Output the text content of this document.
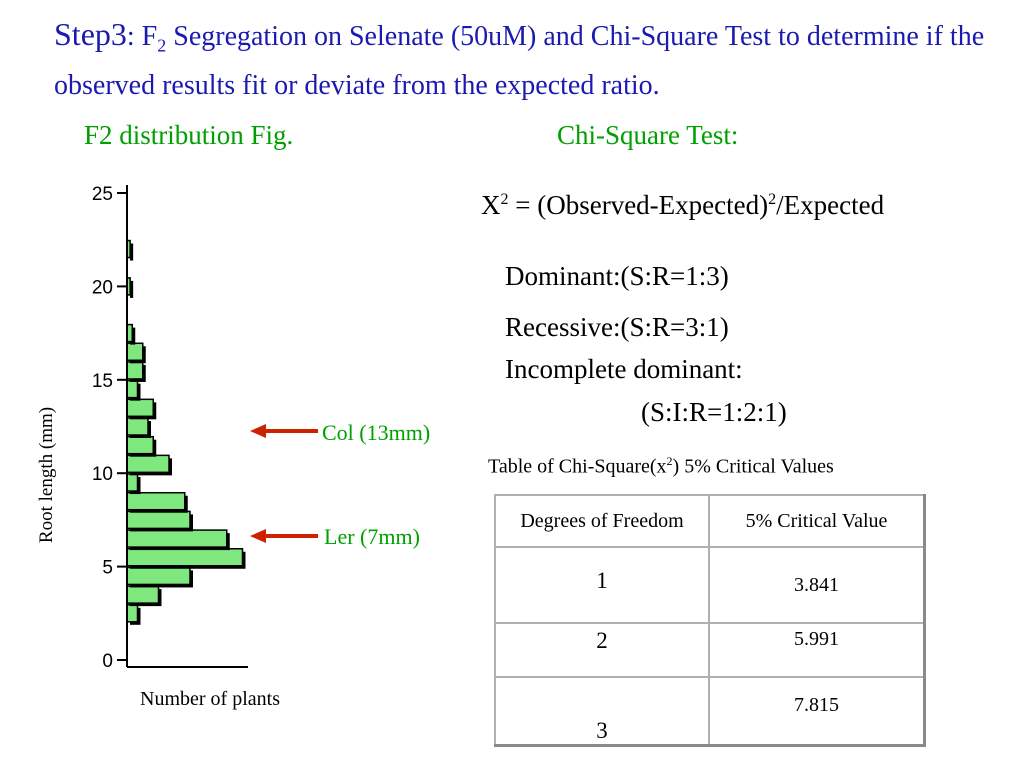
Step3: $F_2$ Segregation on Selenate (50uM) and Chi-Square Test to determine if the observed results fit or deviate from the expected ratio.
F2 distribution Fig.	Chi-Square Test:
$X^2$ = (Observed-Expected)$^2$/Expected
Dominant:(S:R=1:3)
Recessive:(S:R=3:1)
Incomplete dominant:
(S:I:R=1:2:1)
Table of Chi-$Square(x^2)$ 5% Critical Values
Degrees of Freedom	5% Critical Value
1	3.841
2	5.991
3	7.815
0
5
10
15
20
25
Root length (mm)
Number of plants
Col (13mm)
Ler (7mm)
